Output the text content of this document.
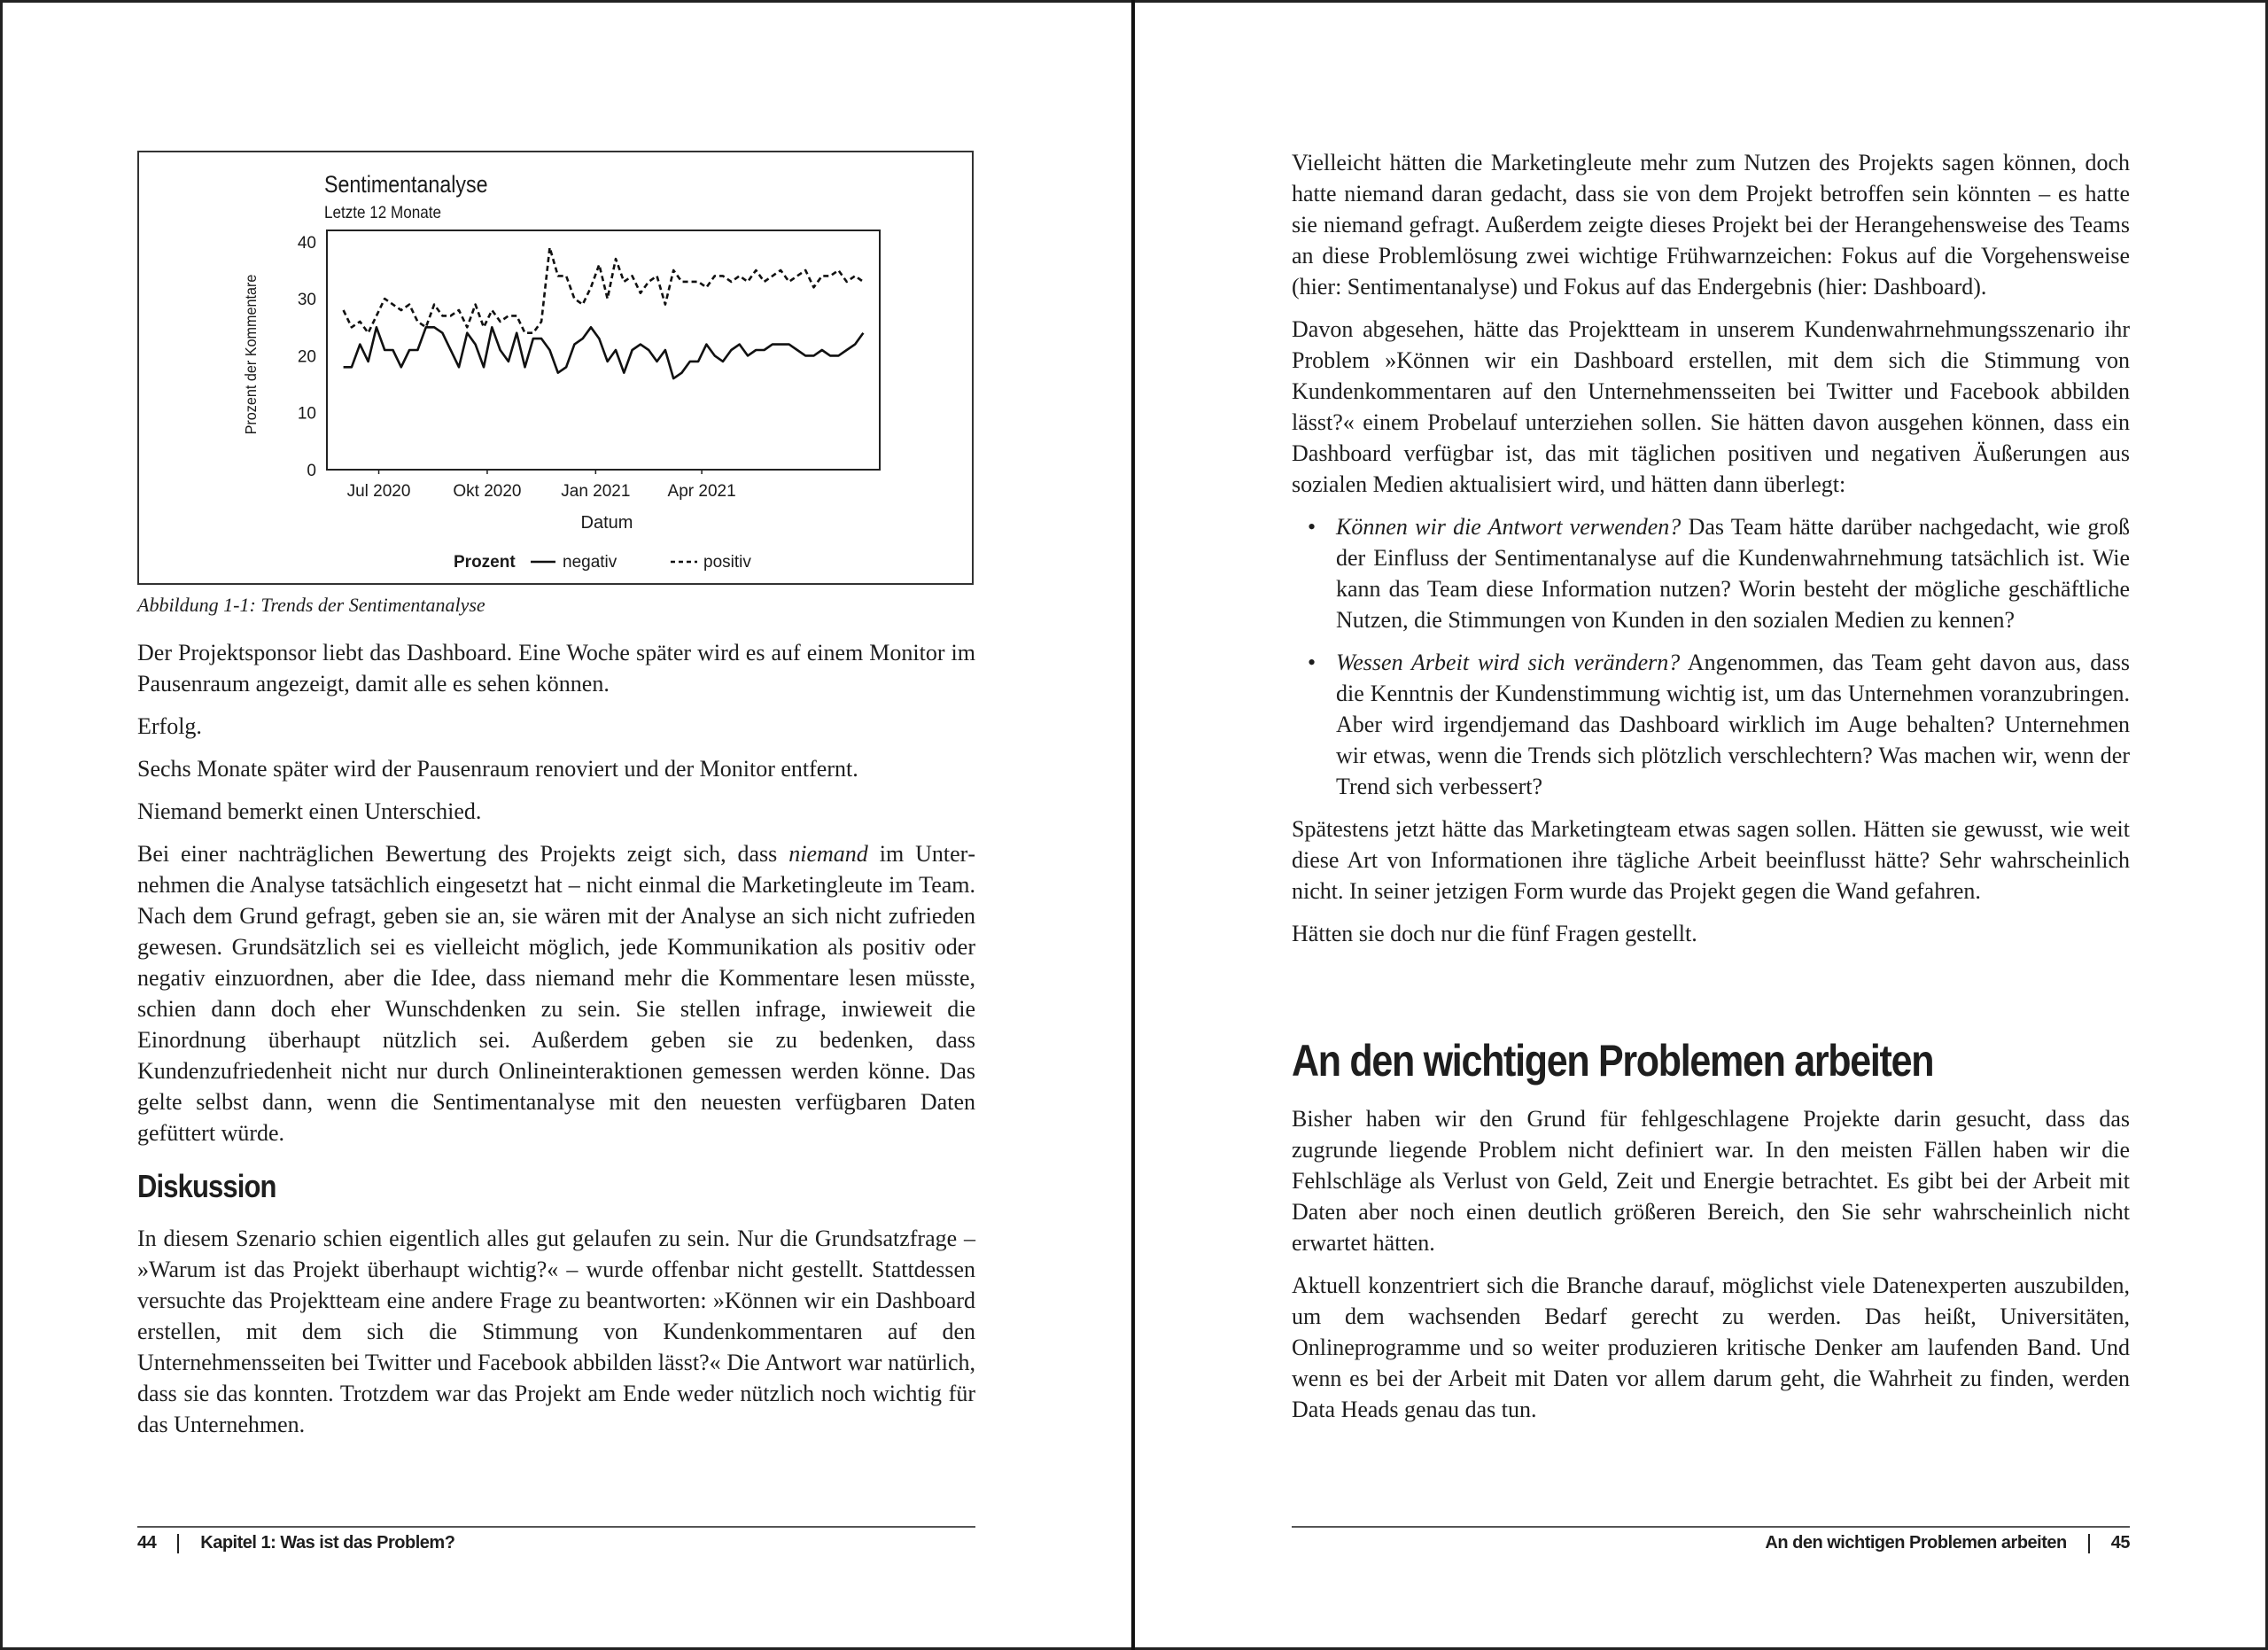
Sentimentanalyse
Letzte 12 Monate
Prozent der Kommentare
Datum
0
10
20
30
40
Jul 2020	Okt 2020 Jan 2021 Apr 2021
Prozent	negativ	positiv
Abbildung 1-1: Trends der Sentimentanalyse

Der Projektsponsor liebt das Dashboard. Eine Woche später wird es auf einem Monitor im Pausenraum angezeigt, damit alle es sehen können.

Erfolg.

Sechs Monate später wird der Pausenraum renoviert und der Monitor entfernt.

Niemand bemerkt einen Unterschied.

Bei einer nachträglichen Bewertung des Projekts zeigt sich, dass niemand im Unternehmen die Analyse tatsächlich eingesetzt hat – nicht einmal die Marketingleute im Team. Nach dem Grund gefragt, geben sie an, sie wären mit der Analyse an sich nicht zufrieden gewesen. Grundsätzlich sei es vielleicht möglich, jede Kommunikation als positiv oder negativ einzuordnen, aber die Idee, dass niemand mehr die Kommentare lesen müsste, schien dann doch eher Wunschdenken zu sein. Sie stellen infrage, inwieweit die Einordnung überhaupt nützlich sei. Außerdem geben sie zu bedenken, dass Kundenzufriedenheit nicht nur durch Onlineinteraktionen gemessen werden könne. Das gelte selbst dann, wenn die Sentimentanalyse mit den neuesten verfügbaren Daten gefüttert würde.

Diskussion

In diesem Szenario schien eigentlich alles gut gelaufen zu sein. Nur die Grundsatzfrage – »Warum ist das Projekt überhaupt wichtig?« – wurde offenbar nicht gestellt. Stattdessen versuchte das Projektteam eine andere Frage zu beantworten: »Können wir ein Dashboard erstellen, mit dem sich die Stimmung von Kundenkommentaren auf den Unternehmensseiten bei Twitter und Facebook abbilden lässt?« Die Antwort war natürlich, dass sie das konnten. Trotzdem war das Projekt am Ende weder nützlich noch wichtig für das Unternehmen.

44	Kapitel 1: Was ist das Problem?

Vielleicht hätten die Marketingleute mehr zum Nutzen des Projekts sagen können, doch hatte niemand daran gedacht, dass sie von dem Projekt betroffen sein könnten – es hatte sie niemand gefragt. Außerdem zeigte dieses Projekt bei der Herangehensweise des Teams an diese Problemlösung zwei wichtige Frühwarnzeichen: Fokus auf die Vorgehensweise (hier: Sentimentanalyse) und Fokus auf das Endergebnis (hier: Dashboard).

Davon abgesehen, hätte das Projektteam in unserem Kundenwahrnehmungsszenario ihr Problem »Können wir ein Dashboard erstellen, mit dem sich die Stimmung von Kundenkommentaren auf den Unternehmensseiten bei Twitter und Facebook abbilden lässt?« einem Probelauf unterziehen sollen. Sie hätten davon ausgehen können, dass ein Dashboard verfügbar ist, das mit täglichen positiven und negativen Äußerungen aus sozialen Medien aktualisiert wird, und hätten dann überlegt:

• Können wir die Antwort verwenden? Das Team hätte darüber nachgedacht, wie groß der Einfluss der Sentimentanalyse auf die Kundenwahrnehmung tatsächlich ist. Wie kann das Team diese Information nutzen? Worin besteht der mögliche geschäftliche Nutzen, die Stimmungen von Kunden in den sozialen Medien zu kennen?
• Wessen Arbeit wird sich verändern? Angenommen, das Team geht davon aus, dass die Kenntnis der Kundenstimmung wichtig ist, um das Unternehmen voranzubringen. Aber wird irgendjemand das Dashboard wirklich im Auge behalten? Unternehmen wir etwas, wenn die Trends sich plötzlich verschlechtern? Was machen wir, wenn der Trend sich verbessert?

Spätestens jetzt hätte das Marketingteam etwas sagen sollen. Hätten sie gewusst, wie weit diese Art von Informationen ihre tägliche Arbeit beeinflusst hätte? Sehr wahrscheinlich nicht. In seiner jetzigen Form wurde das Projekt gegen die Wand gefahren.

Hätten sie doch nur die fünf Fragen gestellt.

An den wichtigen Problemen arbeiten

Bisher haben wir den Grund für fehlgeschlagene Projekte darin gesucht, dass das zugrunde liegende Problem nicht definiert war. In den meisten Fällen haben wir die Fehlschläge als Verlust von Geld, Zeit und Energie betrachtet. Es gibt bei der Arbeit mit Daten aber noch einen deutlich größeren Bereich, den Sie sehr wahrscheinlich nicht erwartet hätten.

Aktuell konzentriert sich die Branche darauf, möglichst viele Datenexperten auszubilden, um dem wachsenden Bedarf gerecht zu werden. Das heißt, Universitäten, Onlineprogramme und so weiter produzieren kritische Denker am laufenden Band. Und wenn es bei der Arbeit mit Daten vor allem darum geht, die Wahrheit zu finden, werden Data Heads genau das tun.

An den wichtigen Problemen arbeiten	45
